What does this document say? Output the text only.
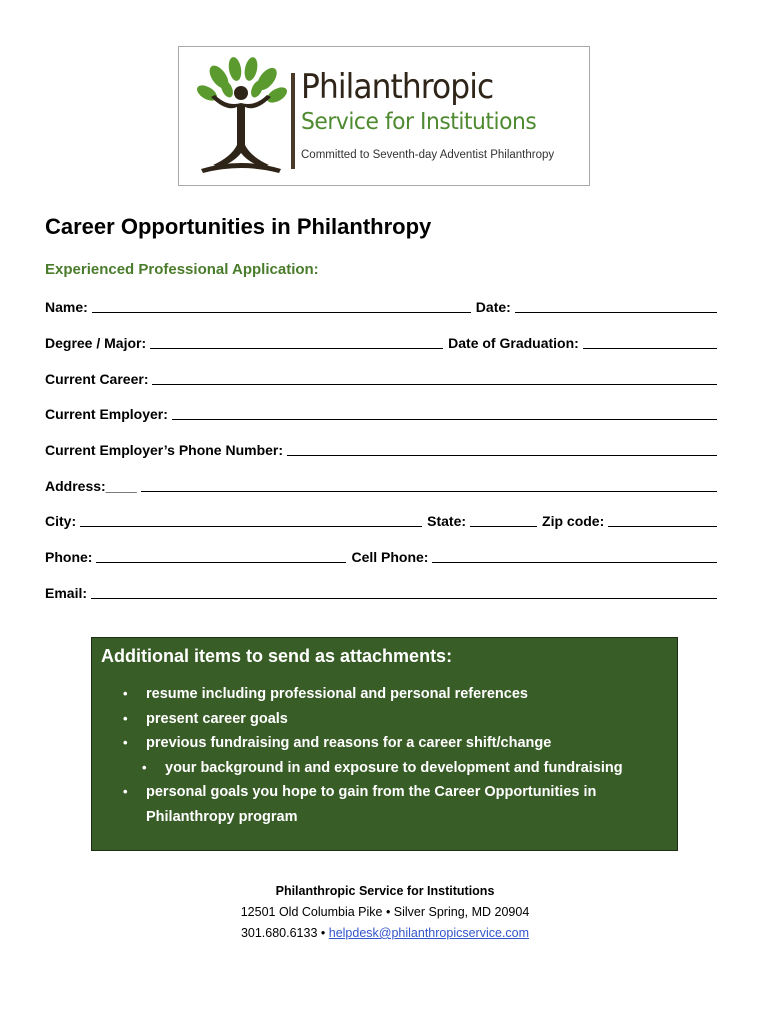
Philanthropic
Service for Institutions
Committed to Seventh-day Adventist Philanthropy
Career Opportunities in Philanthropy
Experienced Professional Application:
Name:	Date:
Degree / Major:	Date of Graduation:
Current Career:
Current Employer:
Current Employer’s Phone Number:
Address:____
City:	State:	Zip code:
Phone:	Cell Phone:
Email:
Additional items to send as attachments:
• resume including professional and personal references
• present career goals
• previous fundraising and reasons for a career shift/change
• your background in and exposure to development and fundraising
• personal goals you hope to gain from the Career Opportunities in
Philanthropy program
Philanthropic Service for Institutions
12501 Old Columbia Pike • Silver Spring, MD 20904
301.680.6133 • helpdesk@philanthropicservice.com
